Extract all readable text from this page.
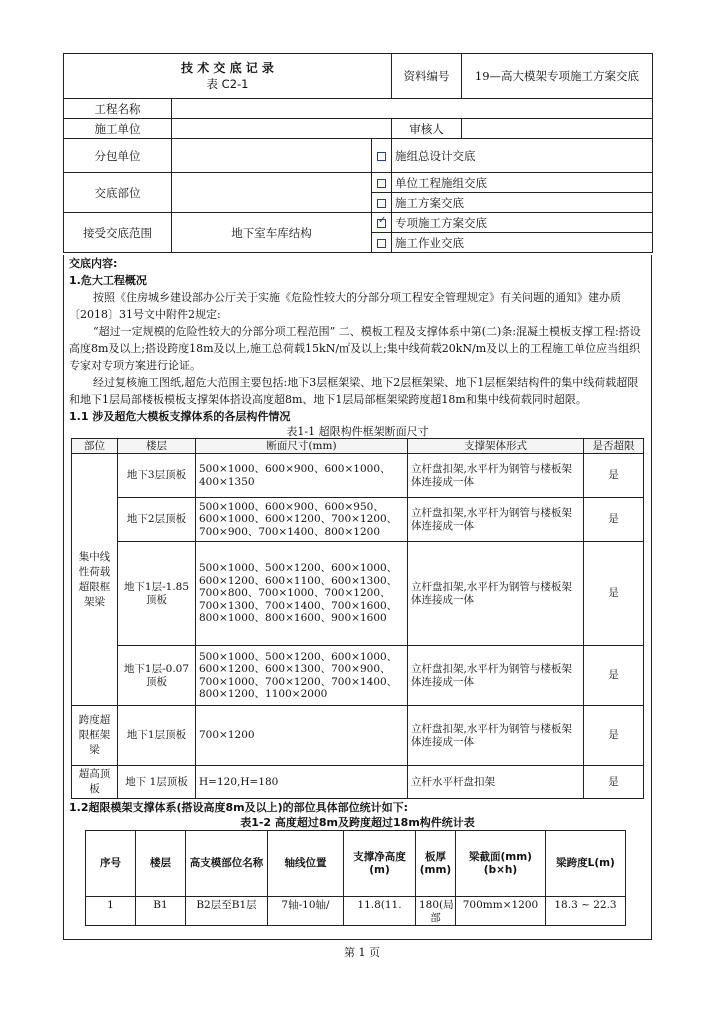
技 术 交 底 记 录
表 C2-1			资料编号	19—高大模架专项施工方案交底
工程名称				
施工单位			审核人	
分包单位			施组总设计交底	
交底部位			单位工程施组交底	
			施工方案交底	
接受交底范围	地下室车库结构	✓	专项施工方案交底	
			施工作业交底	

交底内容:

1.危大工程概况

按照《住房城乡建设部办公厅关于实施《危险性较大的分部分项工程安全管理规定》有关问题的通知》建办质〔2018〕31号文中附件2规定:

“超过一定规模的危险性较大的分部分项工程范围” 二、模板工程及支撑体系中第(二)条:混凝土模板支撑工程:搭设高度8m及以上;搭设跨度18m及以上,施工总荷载15kN/㎡及以上;集中线荷载20kN/m及以上的工程施工单位应当组织专家对专项方案进行论证。

经过复核施工图纸,超危大范围主要包括:地下3层框架梁、地下2层框架梁、地下1层框架结构件的集中线荷载超限和地下1层局部楼板模板支撑架体搭设高度超8m、地下1层局部框架梁跨度超18m和集中线荷载同时超限。

1.1 涉及超危大模板支撑体系的各层构件情况

表1-1 超限构件框架断面尺寸

部位	楼层	断面尺寸(mm)	支撑架体形式	是否超限
集中线性荷载超限框架梁	地下3层顶板	500×1000、600×900、600×1000、400×1350	立杆盘扣架,水平杆为钢管与楼板架体连接成一体	是
	地下2层顶板	500×1000、600×900、600×950、600×1000、600×1200、700×1200、700×900、700×1400、800×1200	立杆盘扣架,水平杆为钢管与楼板架体连接成一体	是
	地下1层-1.85顶板	500×1000、500×1200、600×1000、600×1200、600×1100、600×1300、700×800、700×1000、700×1200、700×1300、700×1400、700×1600、800×1000、800×1600、900×1600	立杆盘扣架,水平杆为钢管与楼板架体连接成一体	是
	地下1层-0.07顶板	500×1000、500×1200、600×1000、600×1200、600×1300、700×900、700×1000、700×1200、700×1400、800×1200、1100×2000	立杆盘扣架,水平杆为钢管与楼板架体连接成一体	是
跨度超限框架梁	地下1层顶板	700×1200	立杆盘扣架,水平杆为钢管与楼板架体连接成一体	是
超高顶板	地下 1层顶板	H=120,H=180	立杆水平杆盘扣架	是

1.2超限模架支撑体系(搭设高度8m及以上)的部位具体部位统计如下:

表1-2 高度超过8m及跨度超过18m构件统计表

序号	楼层	高支模部位名称	轴线位置	支撑净高度(m)	板厚(mm)	梁截面(mm)(b×h)	梁跨度L(m)
1	B1	B2层至B1层	7轴-10轴/	11.8(11.	180(局部	700mm×1200	18.3 ~ 22.3
第 1 页
